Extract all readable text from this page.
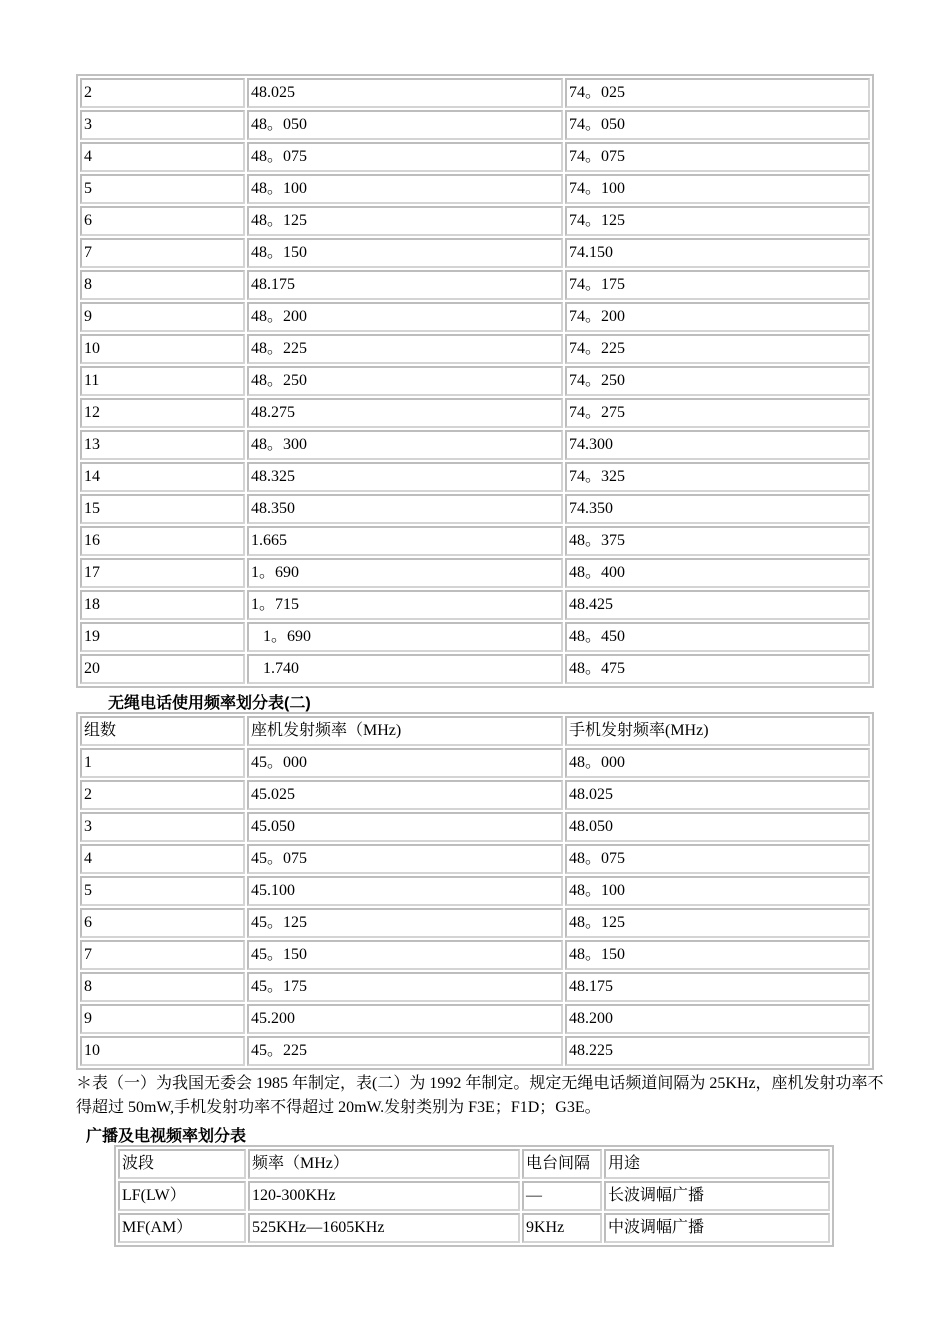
2	48.025	74。025
3	48。050	74。050
4	48。075	74。075
5	48。100	74。100
6	48。125	74。125
7	48。150	74.150
8	48.175	74。175
9	48。200	74。200
10	48。225	74。225
11	48。250	74。250
12	48.275	74。275
13	48。300	74.300
14	48.325	74。325
15	48.350	74.350
16	1.665	48。375
17	1。690	48。400
18	1。715	48.425
19	1。690	48。450
20	1.740	48。475
无绳电话使用频率划分表(二)
组数	座机发射频率（MHz)	手机发射频率(MHz)
1	45。000	48。000
2	45.025	48.025
3	45.050	48.050
4	45。075	48。075
5	45.100	48。100
6	45。125	48。125
7	45。150	48。150
8	45。175	48.175
9	45.200	48.200
10	45。225	48.225
＊表（一）为我国无委会 1985 年制定，表(二）为 1992 年制定。规定无绳电话频道间隔为 25KHz，座机发射功率不得超过 50mW,手机发射功率不得超过 20mW.发射类别为 F3E；F1D；G3E。
广播及电视频率划分表
波段	频率（MHz）	电台间隔	用途
LF(LW）	120-300KHz	—	长波调幅广播
MF(AM）	525KHz—1605KHz	9KHz	中波调幅广播
